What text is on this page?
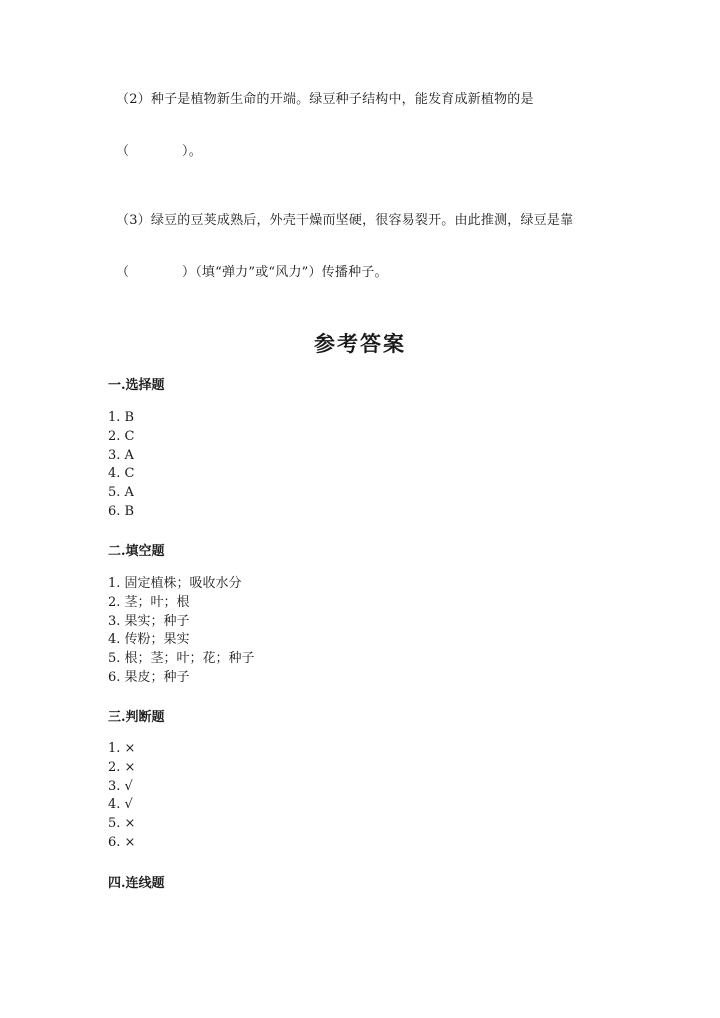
（2）种子是植物新生命的开端。绿豆种子结构中，能发育成新植物的是
（　　　　）。
（3）绿豆的豆荚成熟后，外壳干燥而坚硬，很容易裂开。由此推测，绿豆是靠
（　　　　）（填“弹力”或“风力”）传播种子。
参考答案
一.选择题
1. B
2. C
3. A
4. C
5. A
6. B
二.填空题
1. 固定植株；吸收水分
2. 茎；叶；根
3. 果实；种子
4. 传粉；果实
5. 根；茎；叶；花；种子
6. 果皮；种子
三.判断题
1. ×
2. ×
3. √
4. √
5. ×
6. ×
四.连线题
